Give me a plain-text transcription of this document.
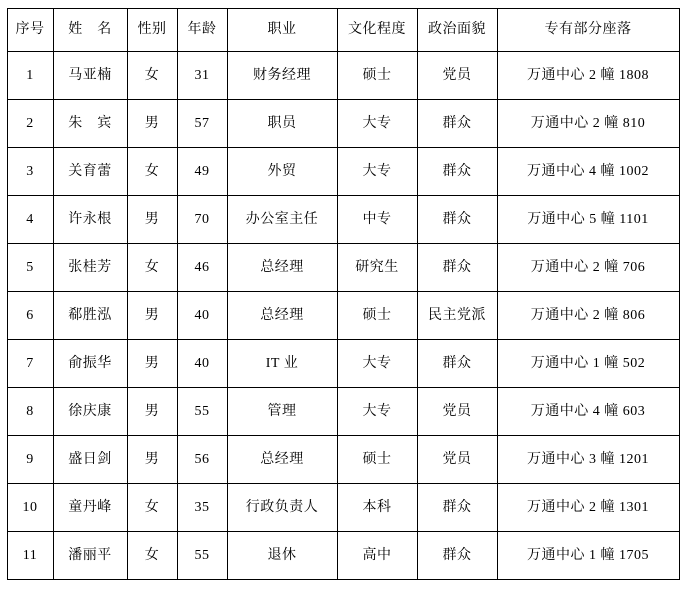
序号	姓　名	性别	年龄	职业	文化程度	政治面貌	专有部分座落
1	马亚楠	女	31	财务经理	硕士	党员	万通中心 2 幢 1808
2	朱　宾	男	57	职员	大专	群众	万通中心 2 幢 810
3	关育蕾	女	49	外贸	大专	群众	万通中心 4 幢 1002
4	许永根	男	70	办公室主任	中专	群众	万通中心 5 幢 1101
5	张桂芳	女	46	总经理	研究生	群众	万通中心 2 幢 706
6	郗胜泓	男	40	总经理	硕士	民主党派	万通中心 2 幢 806
7	俞振华	男	40	IT 业	大专	群众	万通中心 1 幢 502
8	徐庆康	男	55	管理	大专	党员	万通中心 4 幢 603
9	盛日剑	男	56	总经理	硕士	党员	万通中心 3 幢 1201
10	童丹峰	女	35	行政负责人	本科	群众	万通中心 2 幢 1301
11	潘丽平	女	55	退休	高中	群众	万通中心 1 幢 1705
